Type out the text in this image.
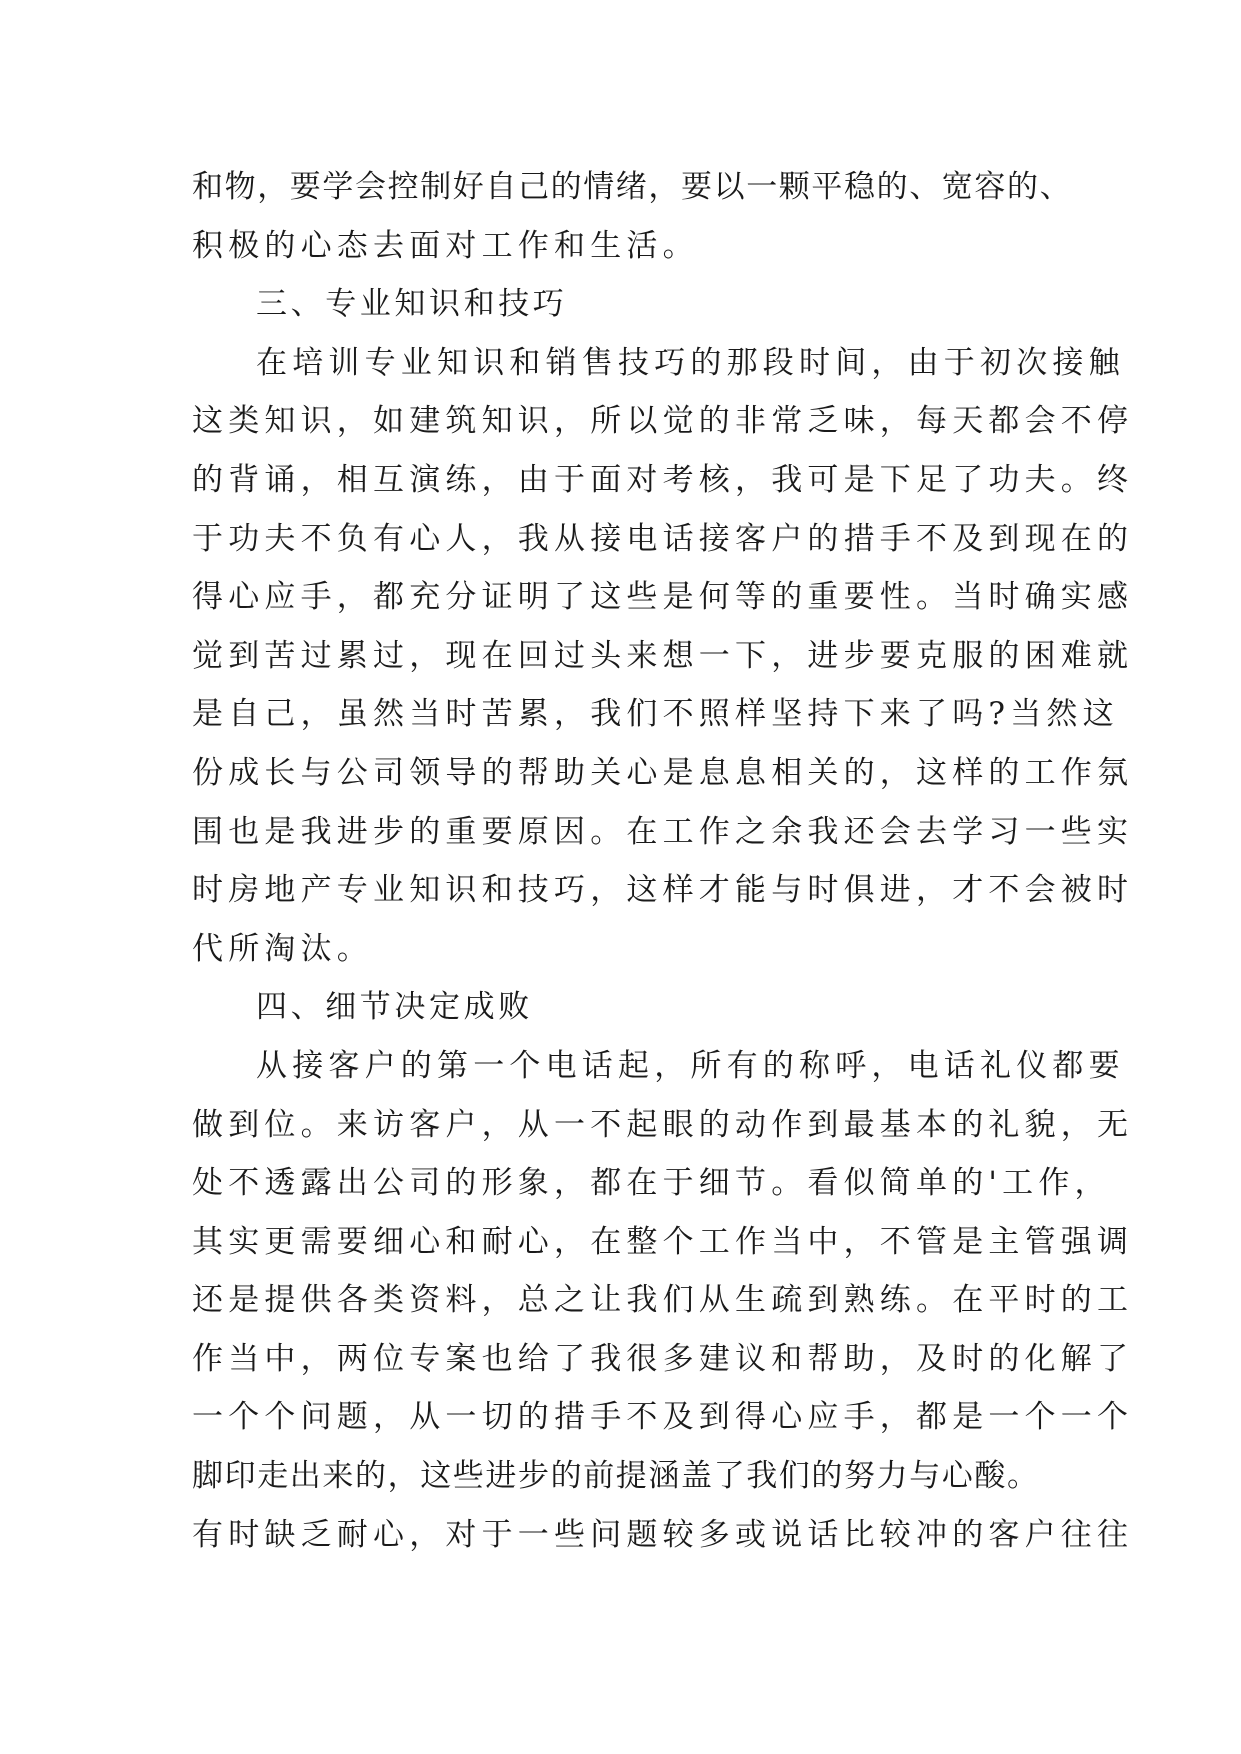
和物，要学会控制好自己的情绪，要以一颗平稳的、宽容的、
积极的心态去面对工作和生活。
三、专业知识和技巧
在培训专业知识和销售技巧的那段时间，由于初次接触
这类知识，如建筑知识，所以觉的非常乏味，每天都会不停
的背诵，相互演练，由于面对考核，我可是下足了功夫。终
于功夫不负有心人，我从接电话接客户的措手不及到现在的
得心应手，都充分证明了这些是何等的重要性。当时确实感
觉到苦过累过，现在回过头来想一下，进步要克服的困难就
是自己，虽然当时苦累，我们不照样坚持下来了吗?当然这
份成长与公司领导的帮助关心是息息相关的，这样的工作氛
围也是我进步的重要原因。在工作之余我还会去学习一些实
时房地产专业知识和技巧，这样才能与时俱进，才不会被时
代所淘汰。
四、细节决定成败
从接客户的第一个电话起，所有的称呼，电话礼仪都要
做到位。来访客户，从一不起眼的动作到最基本的礼貌，无
处不透露出公司的形象，都在于细节。看似简单的'工作，
其实更需要细心和耐心，在整个工作当中，不管是主管强调
还是提供各类资料，总之让我们从生疏到熟练。在平时的工
作当中，两位专案也给了我很多建议和帮助，及时的化解了
一个个问题，从一切的措手不及到得心应手，都是一个一个
脚印走出来的，这些进步的前提涵盖了我们的努力与心酸。
有时缺乏耐心，对于一些问题较多或说话比较冲的客户往往
